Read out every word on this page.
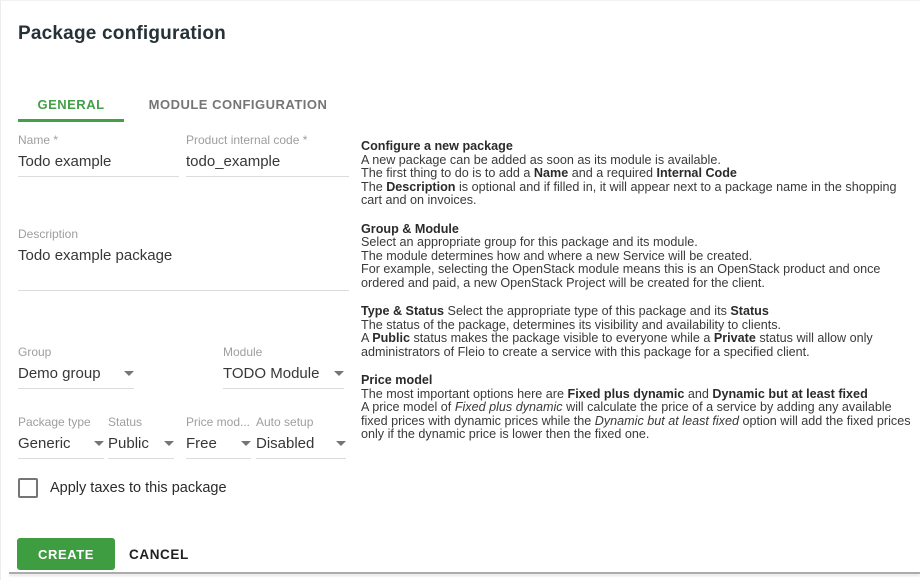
Package configuration
GENERAL	MODULE CONFIGURATION
Name *
Todo example
Product internal code *
todo_example
Description
Todo example package
Group
Demo group
Module
TODO Module
Package type
Generic
Status
Public
Price mod...
Free
Auto setup
Disabled
Apply taxes to this package
CREATE	CANCEL

Configure a new package
A new package can be added as soon as its module is available.
The first thing to do is to add a Name and a required Internal Code
The Description is optional and if filled in, it will appear next to a package name in the shopping cart and on invoices.

Group & Module
Select an appropriate group for this package and its module.
The module determines how and where a new Service will be created.
For example, selecting the OpenStack module means this is an OpenStack product and once ordered and paid, a new OpenStack Project will be created for the client.

Type & Status Select the appropriate type of this package and its Status
The status of the package, determines its visibility and availability to clients.
A Public status makes the package visible to everyone while a Private status will allow only administrators of Fleio to create a service with this package for a specified client.

Price model
The most important options here are Fixed plus dynamic and Dynamic but at least fixed
A price model of Fixed plus dynamic will calculate the price of a service by adding any available fixed prices with dynamic prices while the Dynamic but at least fixed option will add the fixed prices only if the dynamic price is lower then the fixed one.
